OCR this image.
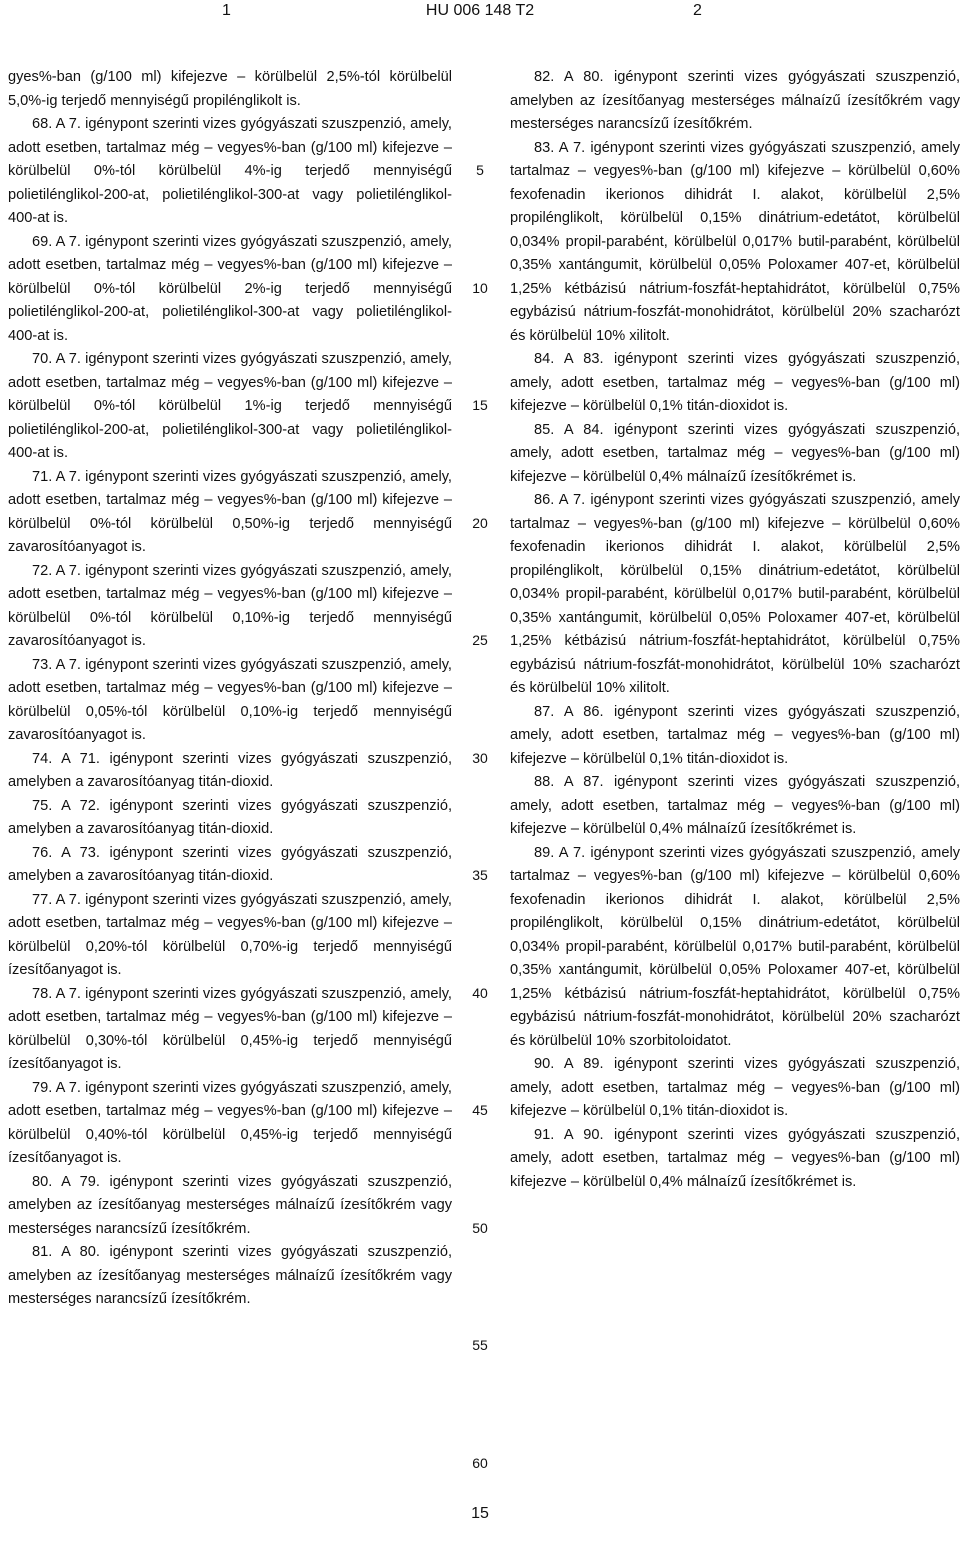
1	HU 006 148 T2	2

gyes%-ban (g/100 ml) kifejezve – körülbelül 2,5%-tól körülbelül 5,0%-ig terjedő mennyiségű propilénglikolt is.

68. A 7. igénypont szerinti vizes gyógyászati szuszpenzió, amely, adott esetben, tartalmaz még – vegyes%-ban (g/100 ml) kifejezve – körülbelül 0%-tól körülbelül 4%-ig terjedő mennyiségű polietilénglikol-200-at, polietilénglikol-300-at vagy polietilénglikol-400-at is.

69. A 7. igénypont szerinti vizes gyógyászati szuszpenzió, amely, adott esetben, tartalmaz még – vegyes%-ban (g/100 ml) kifejezve – körülbelül 0%-tól körülbelül 2%-ig terjedő mennyiségű polietilénglikol-200-at, polietilénglikol-300-at vagy polietilénglikol-400-at is.

70. A 7. igénypont szerinti vizes gyógyászati szuszpenzió, amely, adott esetben, tartalmaz még – vegyes%-ban (g/100 ml) kifejezve – körülbelül 0%-tól körülbelül 1%-ig terjedő mennyiségű polietilénglikol-200-at, polietilénglikol-300-at vagy polietilénglikol-400-at is.

71. A 7. igénypont szerinti vizes gyógyászati szuszpenzió, amely, adott esetben, tartalmaz még – vegyes%-ban (g/100 ml) kifejezve – körülbelül 0%-tól körülbelül 0,50%-ig terjedő mennyiségű zavarosítóanyagot is.

72. A 7. igénypont szerinti vizes gyógyászati szuszpenzió, amely, adott esetben, tartalmaz még – vegyes%-ban (g/100 ml) kifejezve – körülbelül 0%-tól körülbelül 0,10%-ig terjedő mennyiségű zavarosítóanyagot is.

73. A 7. igénypont szerinti vizes gyógyászati szuszpenzió, amely, adott esetben, tartalmaz még – vegyes%-ban (g/100 ml) kifejezve – körülbelül 0,05%-tól körülbelül 0,10%-ig terjedő mennyiségű zavarosítóanyagot is.

74. A 71. igénypont szerinti vizes gyógyászati szuszpenzió, amelyben a zavarosítóanyag titán-dioxid.

75. A 72. igénypont szerinti vizes gyógyászati szuszpenzió, amelyben a zavarosítóanyag titán-dioxid.

76. A 73. igénypont szerinti vizes gyógyászati szuszpenzió, amelyben a zavarosítóanyag titán-dioxid.

77. A 7. igénypont szerinti vizes gyógyászati szuszpenzió, amely, adott esetben, tartalmaz még – vegyes%-ban (g/100 ml) kifejezve – körülbelül 0,20%-tól körülbelül 0,70%-ig terjedő mennyiségű ízesítőanyagot is.

78. A 7. igénypont szerinti vizes gyógyászati szuszpenzió, amely, adott esetben, tartalmaz még – vegyes%-ban (g/100 ml) kifejezve – körülbelül 0,30%-tól körülbelül 0,45%-ig terjedő mennyiségű ízesítőanyagot is.

79. A 7. igénypont szerinti vizes gyógyászati szuszpenzió, amely, adott esetben, tartalmaz még – vegyes%-ban (g/100 ml) kifejezve – körülbelül 0,40%-tól körülbelül 0,45%-ig terjedő mennyiségű ízesítőanyagot is.

80. A 79. igénypont szerinti vizes gyógyászati szuszpenzió, amelyben az ízesítőanyag mesterséges málnaízű ízesítőkrém vagy mesterséges narancsízű ízesítőkrém.

81. A 80. igénypont szerinti vizes gyógyászati szuszpenzió, amelyben az ízesítőanyag mesterséges málnaízű ízesítőkrém vagy mesterséges narancsízű ízesítőkrém.

5
10
15
20
25
30
35
40
45
50
55
60

82. A 80. igénypont szerinti vizes gyógyászati szuszpenzió, amelyben az ízesítőanyag mesterséges málnaízű ízesítőkrém vagy mesterséges narancsízű ízesítőkrém.

83. A 7. igénypont szerinti vizes gyógyászati szuszpenzió, amely tartalmaz – vegyes%-ban (g/100 ml) kifejezve – körülbelül 0,60% fexofenadin ikerionos dihidrát I. alakot, körülbelül 2,5% propilénglikolt, körülbelül 0,15% dinátrium-edetátot, körülbelül 0,034% propil-parabént, körülbelül 0,017% butil-parabént, körülbelül 0,35% xantángumit, körülbelül 0,05% Poloxamer 407-et, körülbelül 1,25% kétbázisú nátrium-foszfát-heptahidrátot, körülbelül 0,75% egybázisú nátrium-foszfát-monohidrátot, körülbelül 20% szacharózt és körülbelül 10% xilitolt.

84. A 83. igénypont szerinti vizes gyógyászati szuszpenzió, amely, adott esetben, tartalmaz még – vegyes%-ban (g/100 ml) kifejezve – körülbelül 0,1% titán-dioxidot is.

85. A 84. igénypont szerinti vizes gyógyászati szuszpenzió, amely, adott esetben, tartalmaz még – vegyes%-ban (g/100 ml) kifejezve – körülbelül 0,4% málnaízű ízesítőkrémet is.

86. A 7. igénypont szerinti vizes gyógyászati szuszpenzió, amely tartalmaz – vegyes%-ban (g/100 ml) kifejezve – körülbelül 0,60% fexofenadin ikerionos dihidrát I. alakot, körülbelül 2,5% propilénglikolt, körülbelül 0,15% dinátrium-edetátot, körülbelül 0,034% propil-parabént, körülbelül 0,017% butil-parabént, körülbelül 0,35% xantángumit, körülbelül 0,05% Poloxamer 407-et, körülbelül 1,25% kétbázisú nátrium-foszfát-heptahidrátot, körülbelül 0,75% egybázisú nátrium-foszfát-monohidrátot, körülbelül 10% szacharózt és körülbelül 10% xilitolt.

87. A 86. igénypont szerinti vizes gyógyászati szuszpenzió, amely, adott esetben, tartalmaz még – vegyes%-ban (g/100 ml) kifejezve – körülbelül 0,1% titán-dioxidot is.

88. A 87. igénypont szerinti vizes gyógyászati szuszpenzió, amely, adott esetben, tartalmaz még – vegyes%-ban (g/100 ml) kifejezve – körülbelül 0,4% málnaízű ízesítőkrémet is.

89. A 7. igénypont szerinti vizes gyógyászati szuszpenzió, amely tartalmaz – vegyes%-ban (g/100 ml) kifejezve – körülbelül 0,60% fexofenadin ikerionos dihidrát I. alakot, körülbelül 2,5% propilénglikolt, körülbelül 0,15% dinátrium-edetátot, körülbelül 0,034% propil-parabént, körülbelül 0,017% butil-parabént, körülbelül 0,35% xantángumit, körülbelül 0,05% Poloxamer 407-et, körülbelül 1,25% kétbázisú nátrium-foszfát-heptahidrátot, körülbelül 0,75% egybázisú nátrium-foszfát-monohidrátot, körülbelül 20% szacharózt és körülbelül 10% szorbitoloidatot.

90. A 89. igénypont szerinti vizes gyógyászati szuszpenzió, amely, adott esetben, tartalmaz még – vegyes%-ban (g/100 ml) kifejezve – körülbelül 0,1% titán-dioxidot is.

91. A 90. igénypont szerinti vizes gyógyászati szuszpenzió, amely, adott esetben, tartalmaz még – vegyes%-ban (g/100 ml) kifejezve – körülbelül 0,4% málnaízű ízesítőkrémet is.

15
